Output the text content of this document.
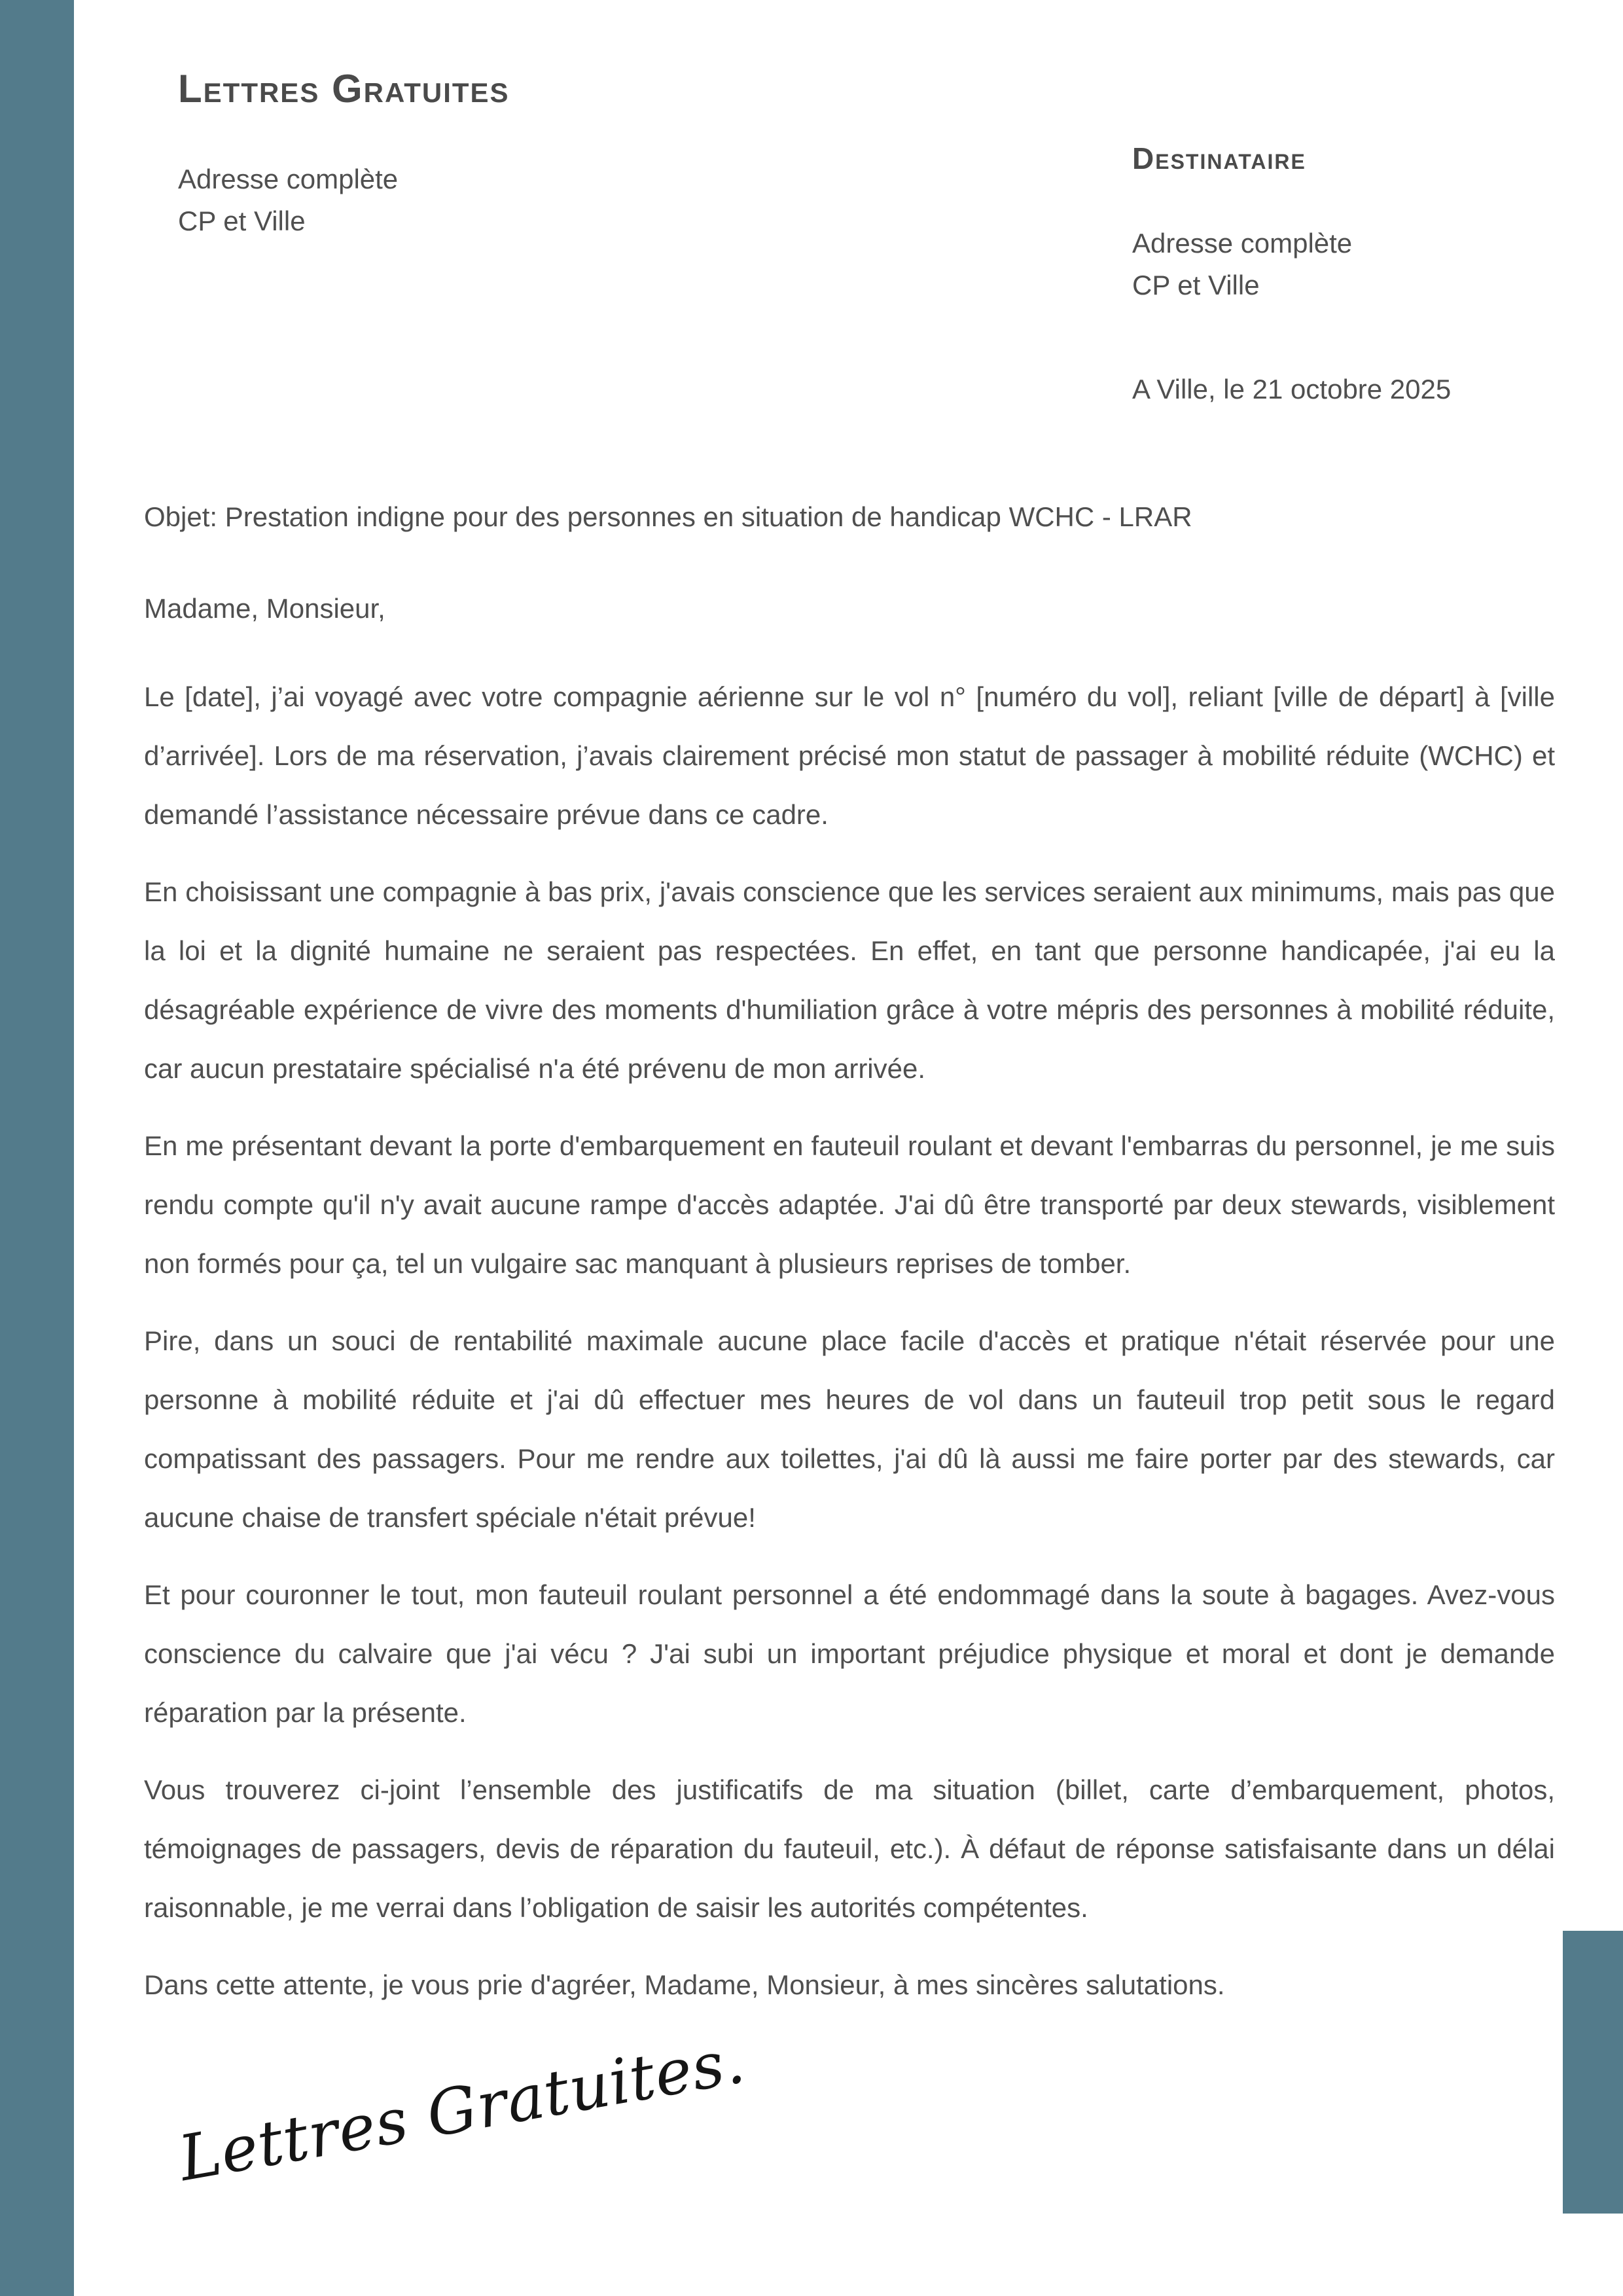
Lettres Gratuites
Adresse complète
CP et Ville
Destinataire
Adresse complète
CP et Ville
A Ville, le 21 octobre 2025

Objet: Prestation indigne pour des personnes en situation de handicap WCHC - LRAR

Madame, Monsieur,

Le [date], j’ai voyagé avec votre compagnie aérienne sur le vol n° [numéro du vol], reliant [ville de départ] à [ville d’arrivée]. Lors de ma réservation, j’avais clairement précisé mon statut de passager à mobilité réduite (WCHC) et demandé l’assistance nécessaire prévue dans ce cadre.

En choisissant une compagnie à bas prix, j'avais conscience que les services seraient aux minimums, mais pas que la loi et la dignité humaine ne seraient pas respectées. En effet, en tant que personne handicapée, j'ai eu la désagréable expérience de vivre des moments d'humiliation grâce à votre mépris des personnes à mobilité réduite, car aucun prestataire spécialisé n'a été prévenu de mon arrivée.

En me présentant devant la porte d'embarquement en fauteuil roulant et devant l'embarras du personnel, je me suis rendu compte qu'il n'y avait aucune rampe d'accès adaptée. J'ai dû être transporté par deux stewards, visiblement non formés pour ça, tel un vulgaire sac manquant à plusieurs reprises de tomber.

Pire, dans un souci de rentabilité maximale aucune place facile d'accès et pratique n'était réservée pour une personne à mobilité réduite et j'ai dû effectuer mes heures de vol dans un fauteuil trop petit sous le regard compatissant des passagers. Pour me rendre aux toilettes, j'ai dû là aussi me faire porter par des stewards, car aucune chaise de transfert spéciale n'était prévue!

Et pour couronner le tout, mon fauteuil roulant personnel a été endommagé dans la soute à bagages. Avez-vous conscience du calvaire que j'ai vécu ? J'ai subi un important préjudice physique et moral et dont je demande réparation par la présente.

Vous trouverez ci-joint l’ensemble des justificatifs de ma situation (billet, carte d’embarquement, photos, témoignages de passagers, devis de réparation du fauteuil, etc.). À défaut de réponse satisfaisante dans un délai raisonnable, je me verrai dans l’obligation de saisir les autorités compétentes.

Dans cette attente, je vous prie d'agréer, Madame, Monsieur, à mes sincères salutations.

Lettres Gratuites.
